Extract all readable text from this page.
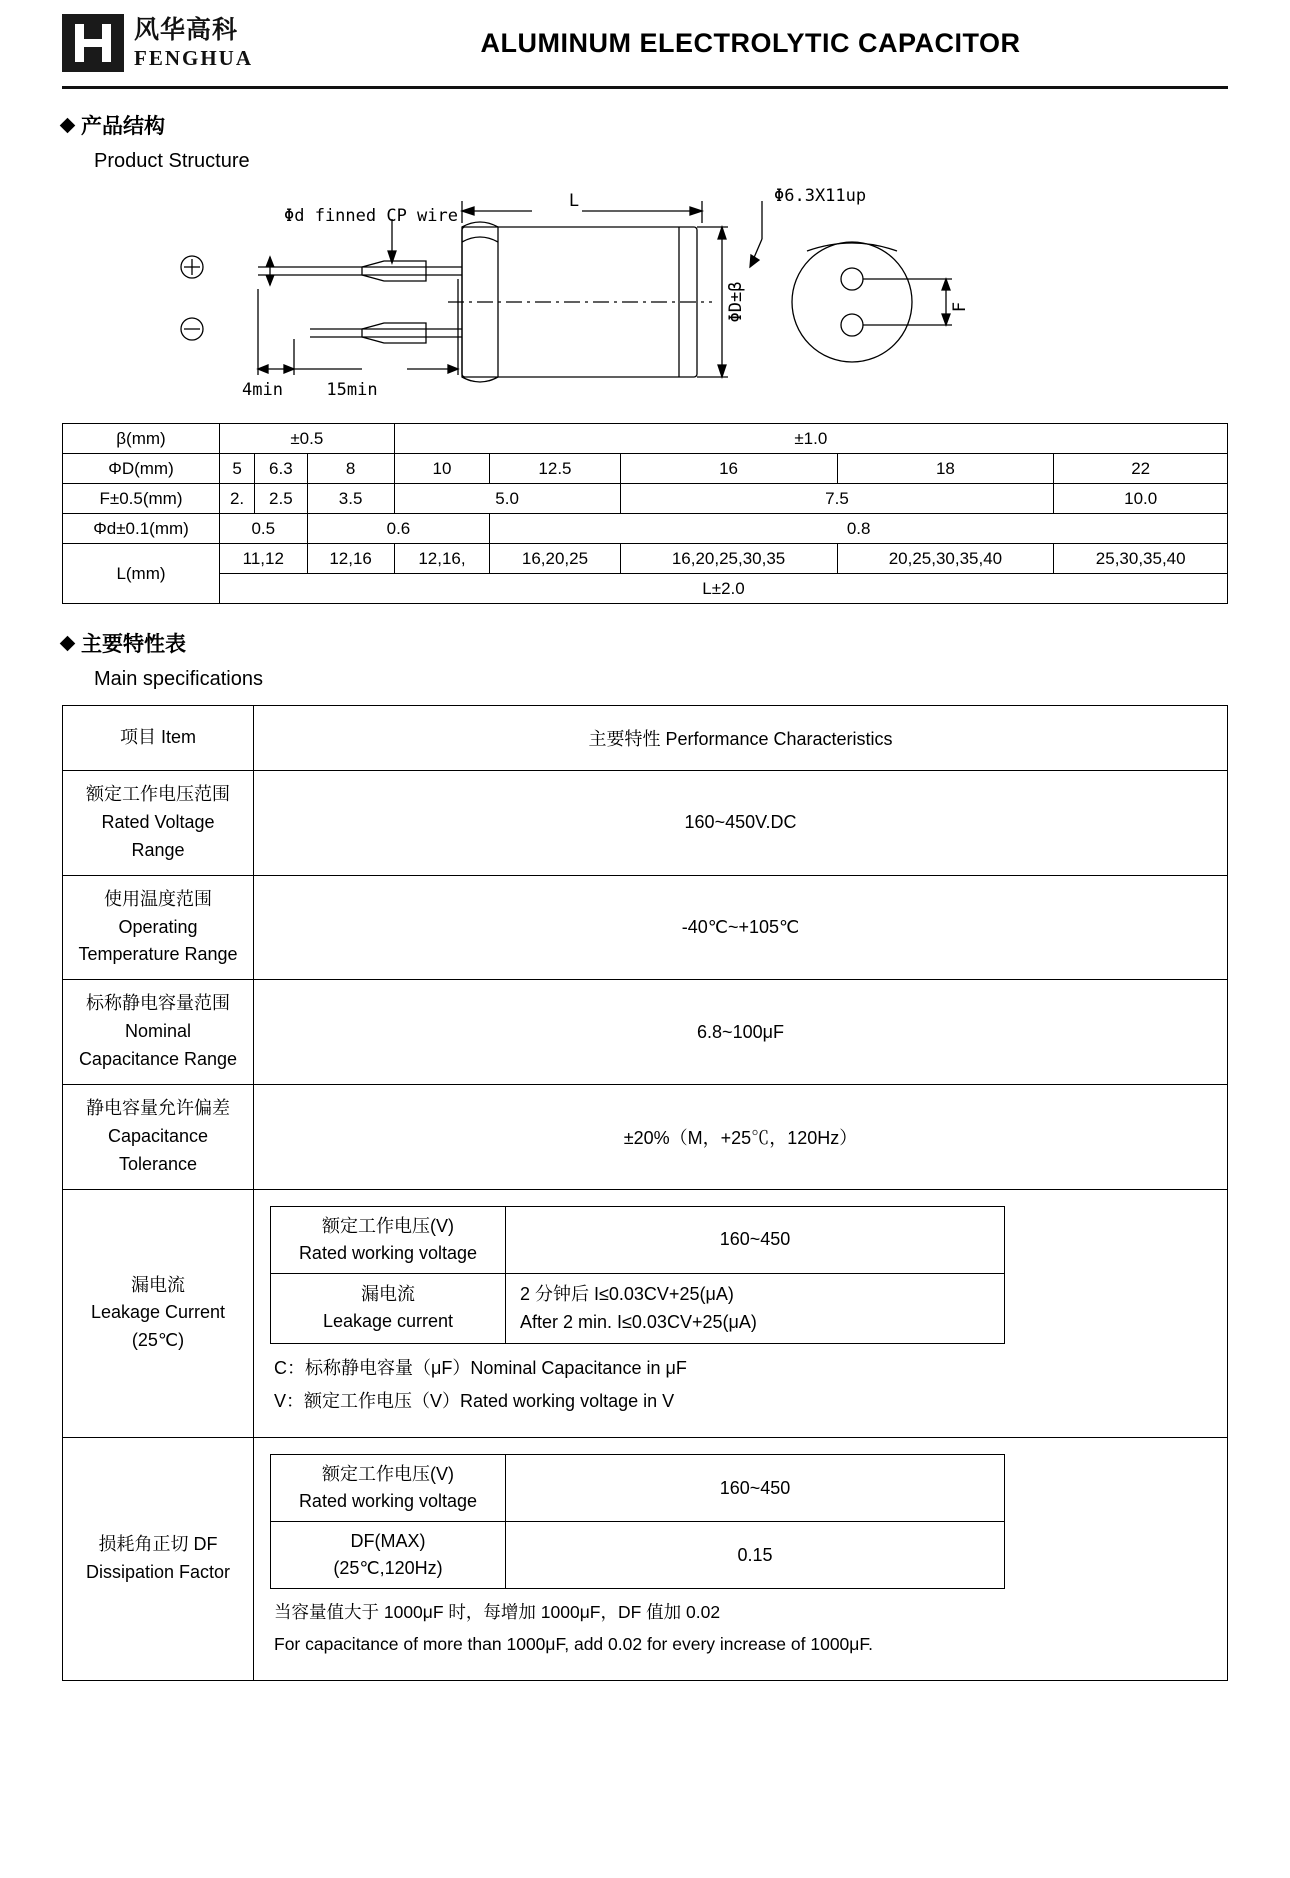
风华高科
FENGHUA	ALUMINUM ELECTROLYTIC CAPACITOR
产品结构
Product Structure
L	Φ6.3X11up
Φd finned CP wire
4min	15min
ΦD±β	F
β(mm)	±0.5			±1.0				
ΦD(mm)	5	6.3	8	10	12.5	16	18	22
F±0.5(mm)	2.	2.5	3.5	5.0		7.5		10.0
Φd±0.1(mm)	0.5		0.6		0.8			
L(mm)	11,12		12,16	12,16,	16,20,25	16,20,25,30,35	20,25,30,35,40	25,30,35,40
	L±2.0							
主要特性表
Main specifications
项目 Item	主要特性 Performance Characteristics

额定工作电压范围
Rated Voltage
Range
	160~450V.DC

使用温度范围
Operating
Temperature Range
	-40℃~+105℃

标称静电容量范围
Nominal
Capacitance Range
	6.8~100μF

静电容量允许偏差
Capacitance
Tolerance
	±20%（M，+25℃，120Hz）

漏电流
Leakage Current
(25℃)

额定工作电压(V)
Rated working voltage
	160~450

漏电流
Leakage current

2 分钟后 I≤0.03CV+25(μA)
After 2 min. I≤0.03CV+25(μA)
C：标称静电容量（μF）Nominal Capacitance in μF
V：额定工作电压（V）Rated working voltage in V

损耗角正切 DF
Dissipation Factor

额定工作电压(V)
Rated working voltage
	160~450

DF(MAX)
(25℃,120Hz)
	0.15
当容量值大于 1000μF 时，每增加 1000μF，DF 值加 0.02
For capacitance of more than 1000μF, add 0.02 for every increase of 1000μF.
